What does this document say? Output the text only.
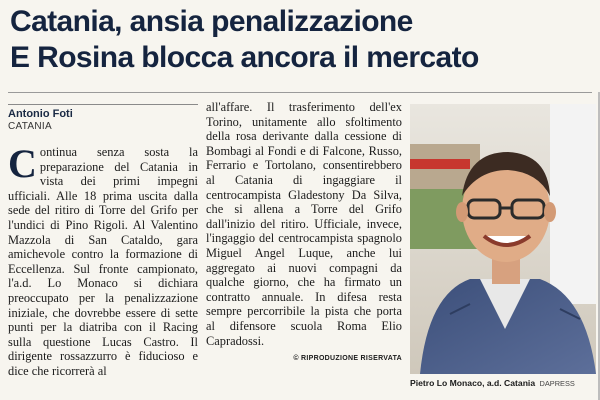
Catania, ansia penalizzazione
E Rosina blocca ancora il mercato
Antonio Foti
CATANIA

Continua senza sosta la preparazione del Catania in vista dei primi impegni ufficiali. Alle 18 prima uscita dalla sede del ritiro di Torre del Grifo per l'undici di Pino Rigoli. Al Valentino Mazzola di San Cataldo, gara amichevole contro la formazione di Eccellenza. Sul fronte campionato, l'a.d. Lo Monaco si dichiara preoccupato per la penalizzazione iniziale, che dovrebbe essere di sette punti per la diatriba con il Racing sulla questione Lucas Castro. Il dirigente rossazzurro è fiducioso e dice che ricorrerà al

all'affare. Il trasferimento dell'ex Torino, unitamente allo sfoltimento della rosa derivante dalla cessione di Bombagi al Fondi e di Falcone, Russo, Ferrario e Tortolano, consentirebbero al Catania di ingaggiare il centrocampista Gladestony Da Silva, che si allena a Torre del Grifo dall'inizio del ritiro. Ufficiale, invece, l'ingaggio del centrocampista spagnolo Miguel Angel Luque, anche lui aggregato ai nuovi compagni da qualche giorno, che ha firmato un contratto annuale. In difesa resta sempre percorribile la pista che porta al difensore scuola Roma Elio Capradossi.

© RIPRODUZIONE RISERVATA
Pietro Lo Monaco, a.d. Catania DAPRESS
